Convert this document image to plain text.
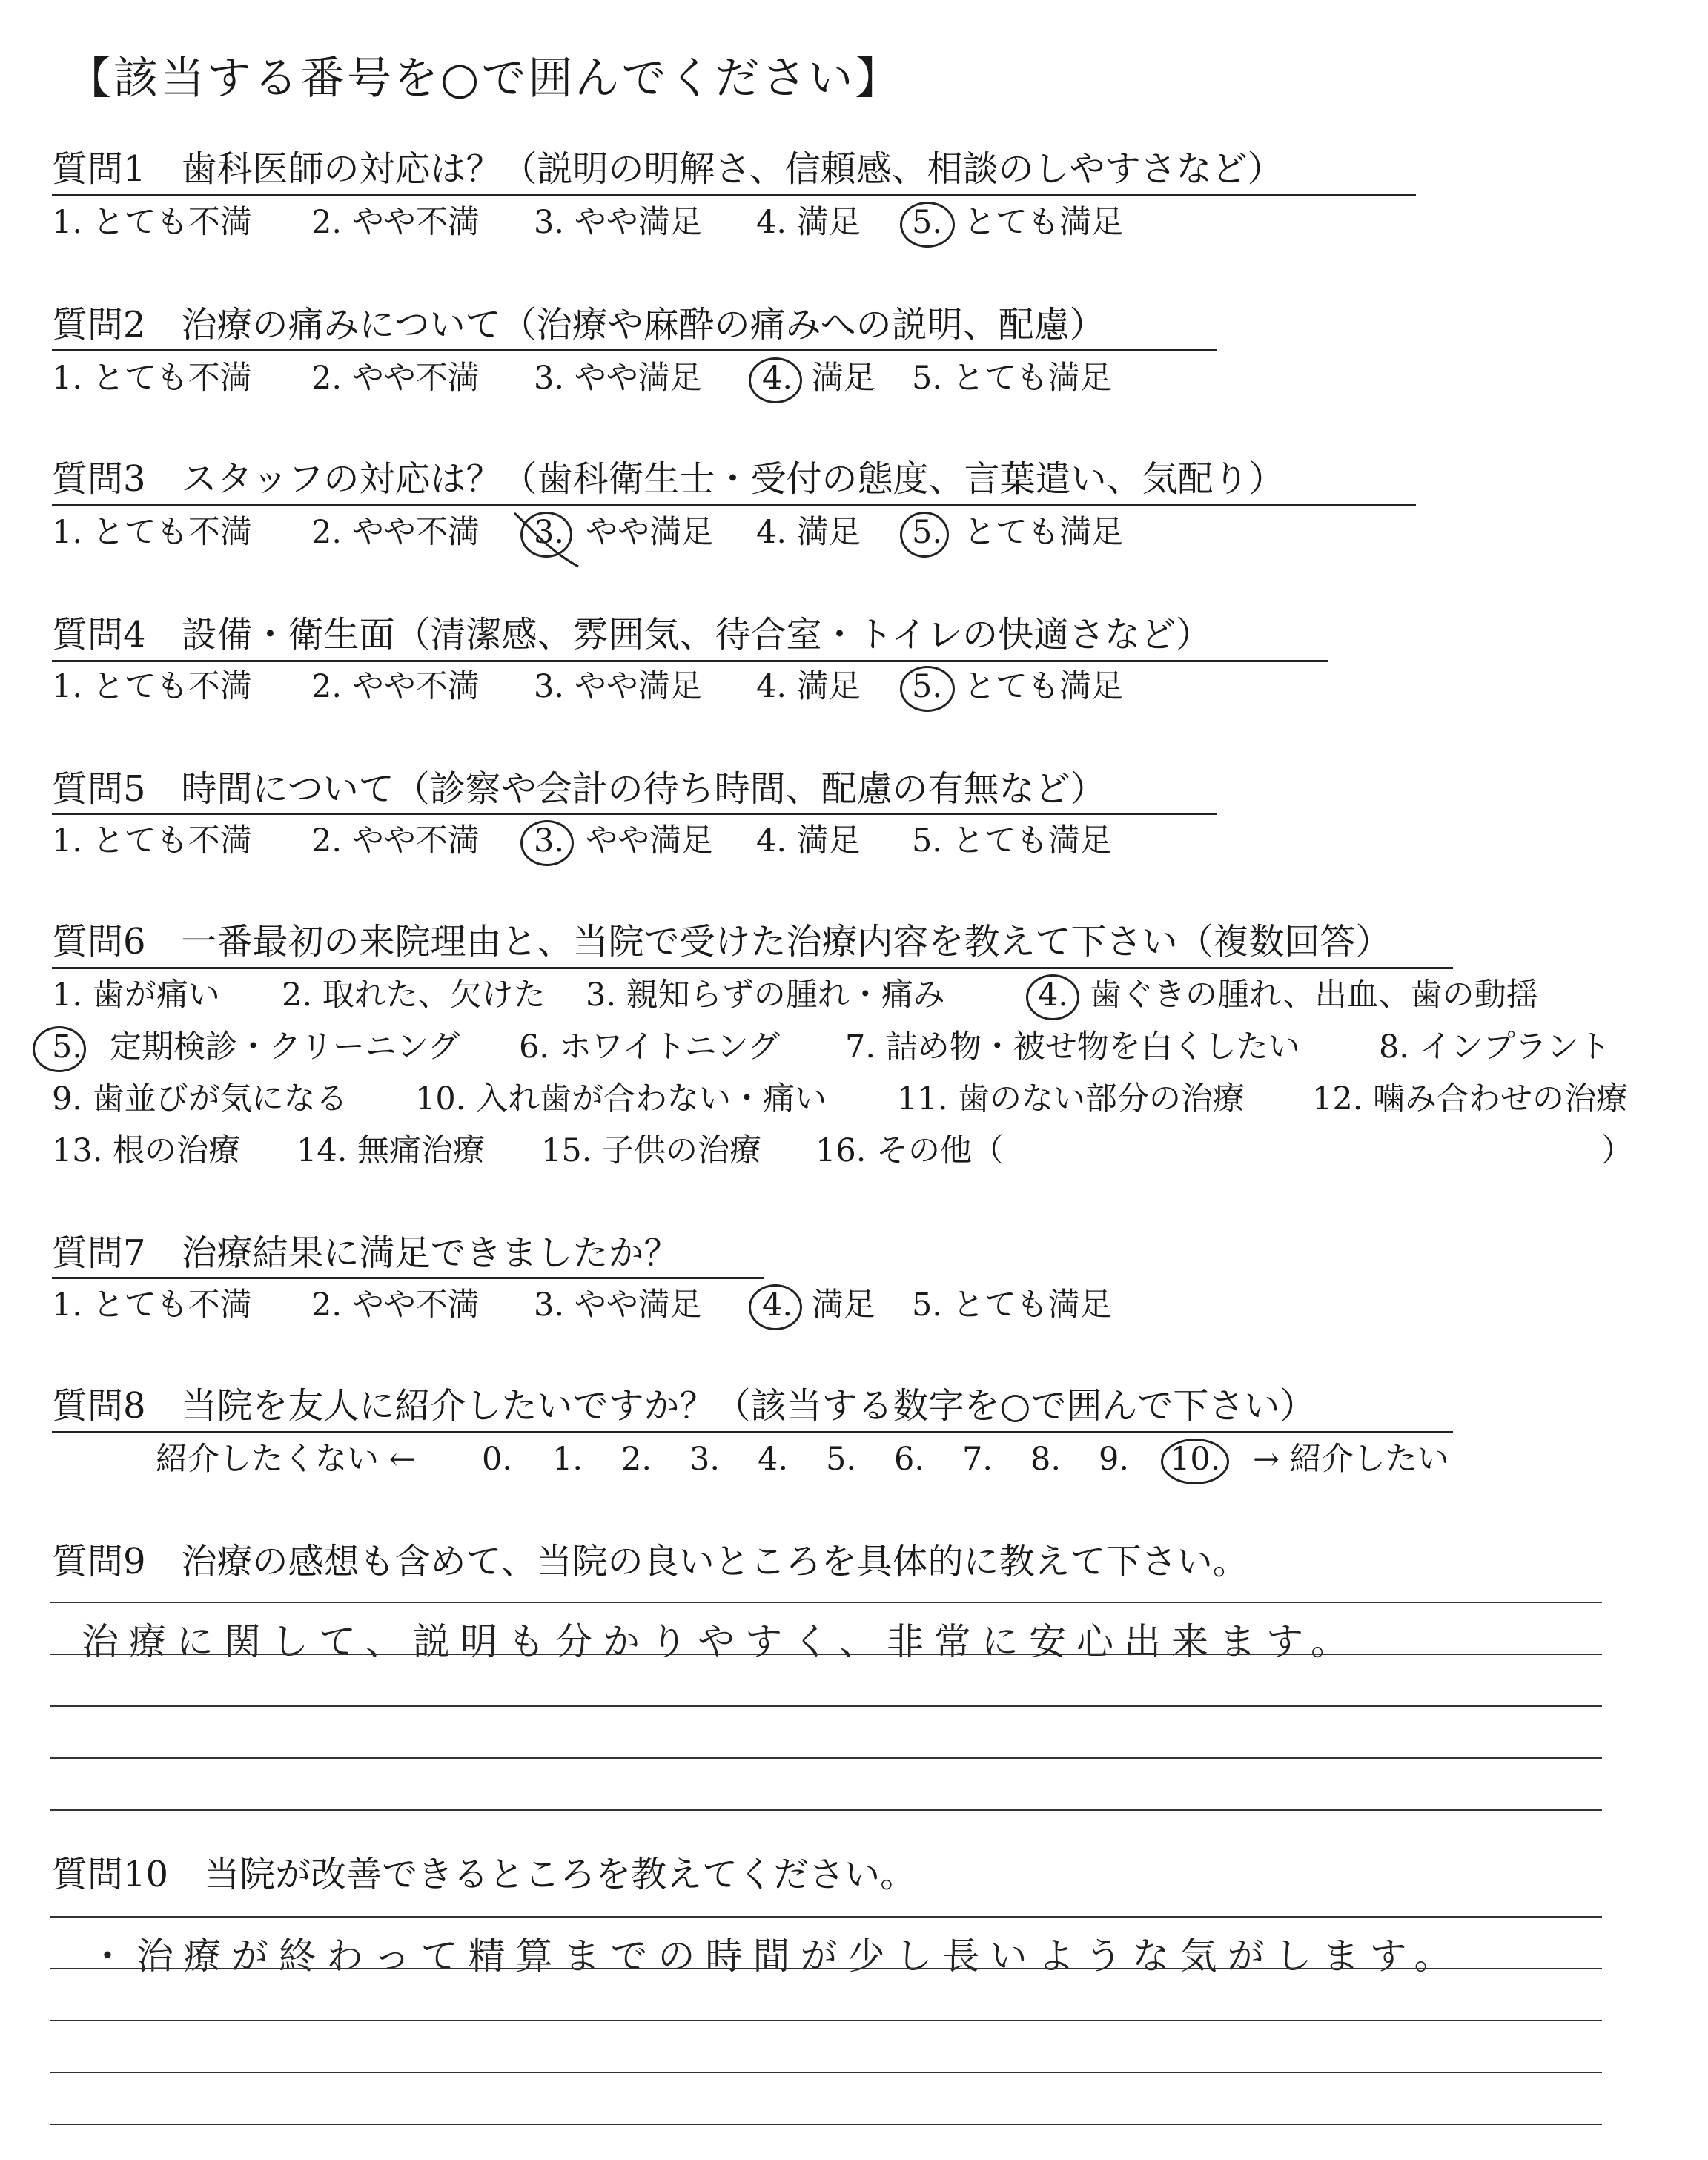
【該当する番号を○で囲んでください】
質問1　歯科医師の対応は？（説明の明解さ、信頼感、相談のしやすさなど）
1. とても不満 2. やや不満 3. やや満足 4. 満足 5. とても満足
質問2　治療の痛みについて（治療や麻酔の痛みへの説明、配慮）
1. とても不満 2. やや不満 3. やや満足 4. 満足 5. とても満足
質問3　スタッフの対応は？（歯科衛生士・受付の態度、言葉遣い、気配り）
1. とても不満 2. やや不満 3. やや満足 4. 満足 5. とても満足
質問4　設備・衛生面（清潔感、雰囲気、待合室・トイレの快適さなど）
1. とても不満 2. やや不満 3. やや満足 4. 満足 5. とても満足
質問5　時間について（診察や会計の待ち時間、配慮の有無など）
1. とても不満 2. やや不満 3. やや満足 4. 満足 5. とても満足
質問6　一番最初の来院理由と、当院で受けた治療内容を教えて下さい（複数回答）
1. 歯が痛い 2. 取れた、欠けた 3. 親知らずの腫れ・痛み	4. 歯ぐきの腫れ、出血、歯の動揺
5. 定期検診・クリーニング 6. ホワイトニング 7. 詰め物・被せ物を白くしたい 8. インプラント
9. 歯並びが気になる 10. 入れ歯が合わない・痛い 11. 歯のない部分の治療 12. 噛み合わせの治療
13. 根の治療 14. 無痛治療 15. 子供の治療 16. その他（	）
質問7　治療結果に満足できましたか？
1. とても不満 2. やや不満 3. やや満足 4. 満足 5. とても満足
質問8　当院を友人に紹介したいですか？（該当する数字を○で囲んで下さい）
紹介したくない ← 0. 1. 2. 3. 4. 5. 6. 7. 8. 9. 10. → 紹介したい
質問9　治療の感想も含めて、当院の良いところを具体的に教えて下さい。
治療に関して、説明も分かりやすく、非常に安心出来ます。
質問10　当院が改善できるところを教えてください。
・治療が終わって精算までの時間が少し長いような気がします。
